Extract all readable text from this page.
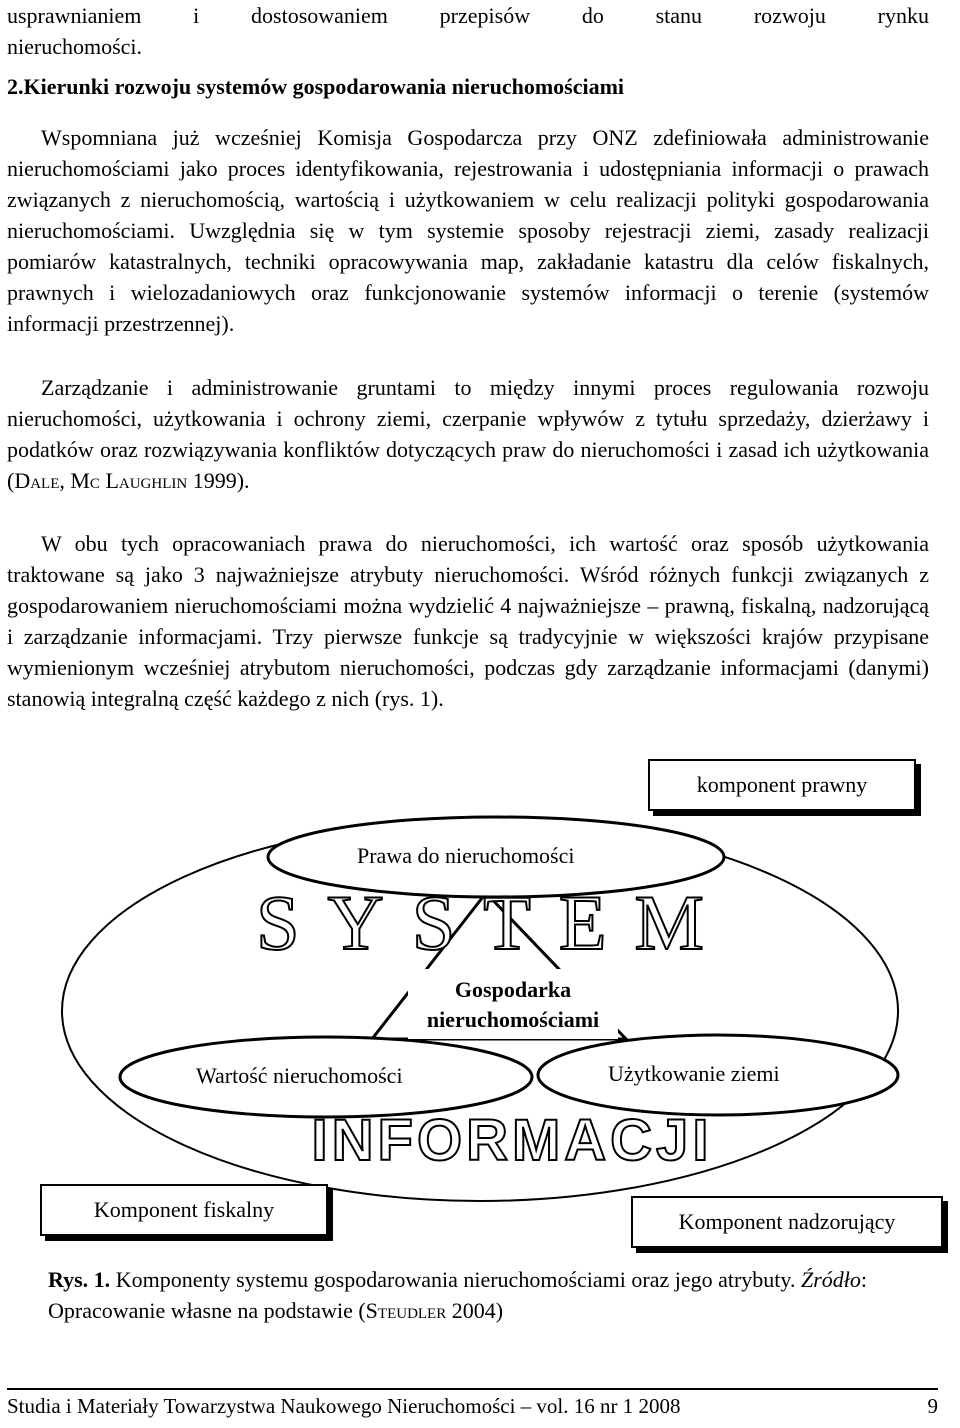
usprawnianiem i dostosowaniem przepisów do stanu rozwoju rynku

nieruchomości.

2.Kierunki rozwoju systemów gospodarowania nieruchomościami

Wspomniana już wcześniej Komisja Gospodarcza przy ONZ zdefiniowała administrowanie nieruchomościami jako proces identyfikowania, rejestrowania i udostępniania informacji o prawach związanych z nieruchomością, wartością i użytkowaniem w celu realizacji polityki gospodarowania nieruchomościami. Uwzględnia się w tym systemie sposoby rejestracji ziemi, zasady realizacji pomiarów katastralnych, techniki opracowywania map, zakładanie katastru dla celów fiskalnych, prawnych i wielozadaniowych oraz funkcjonowanie systemów informacji o terenie (systemów informacji przestrzennej).

Zarządzanie i administrowanie gruntami to między innymi proces regulowania rozwoju nieruchomości, użytkowania i ochrony ziemi, czerpanie wpływów z tytułu sprzedaży, dzierżawy i podatków oraz rozwiązywania konfliktów dotyczących praw do nieruchomości i zasad ich użytkowania (Dale, Mc Laughlin 1999).

W obu tych opracowaniach prawa do nieruchomości, ich wartość oraz sposób użytkowania traktowane są jako 3 najważniejsze atrybuty nieruchomości. Wśród różnych funkcji związanych z gospodarowaniem nieruchomościami można wydzielić 4 najważniejsze – prawną, fiskalną, nadzorującą i zarządzanie informacjami. Trzy pierwsze funkcje są tradycyjnie w większości krajów przypisane wymienionym wcześniej atrybutom nieruchomości, podczas gdy zarządzanie informacjami (danymi) stanowią integralną część każdego z nich (rys. 1).

SYSTEM
INFORMACJI
komponent prawny
Prawa do nieruchomości
Gospodarka
nieruchomościami
Wartość nieruchomości	Użytkowanie ziemi
Komponent fiskalny	Komponent nadzorujący
Rys. 1. Komponenty systemu gospodarowania nieruchomościami oraz jego atrybuty. Źródło: Opracowanie własne na podstawie (Steudler 2004)
Studia i Materiały Towarzystwa Naukowego Nieruchomości – vol. 16 nr 1 2008	9
